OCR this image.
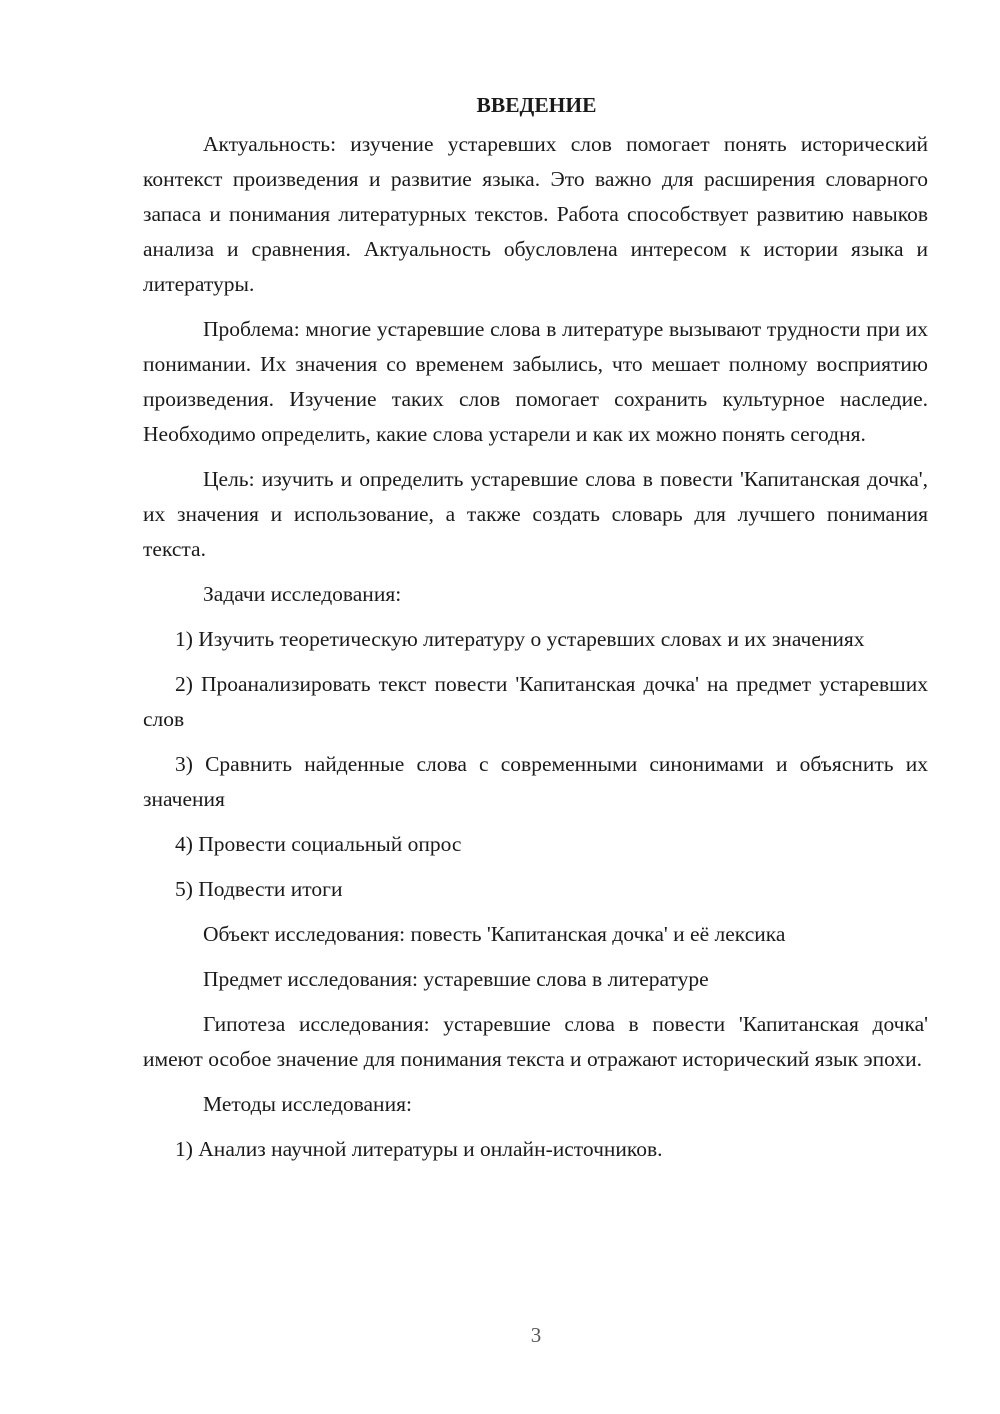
ВВЕДЕНИЕ

Актуальность: изучение устаревших слов помогает понять исторический контекст произведения и развитие языка. Это важно для расширения словарного запаса и понимания литературных текстов. Работа способствует развитию навыков анализа и сравнения. Актуальность обусловлена интересом к истории языка и литературы.

Проблема: многие устаревшие слова в литературе вызывают трудности при их понимании. Их значения со временем забылись, что мешает полному восприятию произведения. Изучение таких слов помогает сохранить культурное наследие. Необходимо определить, какие слова устарели и как их можно понять сегодня.

Цель: изучить и определить устаревшие слова в повести 'Капитанская дочка', их значения и использование, а также создать словарь для лучшего понимания текста.

Задачи исследования:

1) Изучить теоретическую литературу о устаревших словах и их значениях

2) Проанализировать текст повести 'Капитанская дочка' на предмет устаревших слов

3) Сравнить найденные слова с современными синонимами и объяснить их значения

4) Провести социальный опрос

5) Подвести итоги

Объект исследования: повесть 'Капитанская дочка' и её лексика

Предмет исследования: устаревшие слова в литературе

Гипотеза исследования: устаревшие слова в повести 'Капитанская дочка' имеют особое значение для понимания текста и отражают исторический язык эпохи.

Методы исследования:

1) Анализ научной литературы и онлайн-источников.

3
